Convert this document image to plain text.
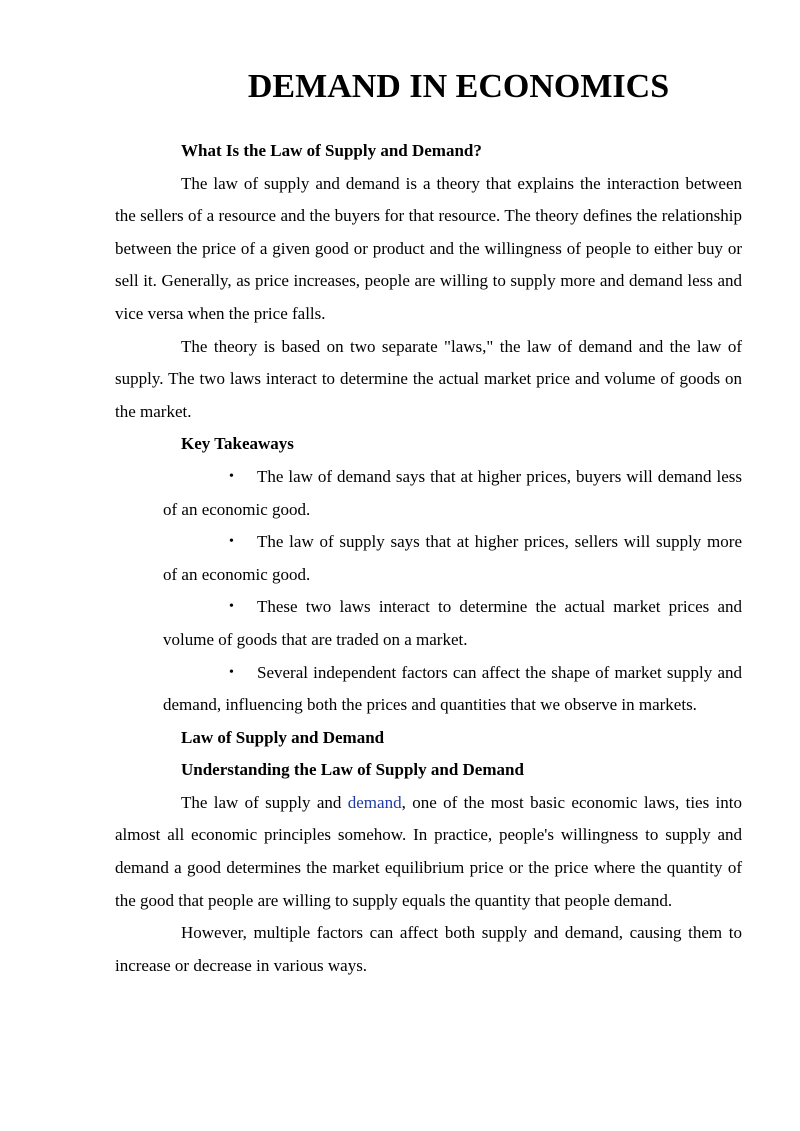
DEMAND IN ECONOMICS
What Is the Law of Supply and Demand?

The law of supply and demand is a theory that explains the interaction between the sellers of a resource and the buyers for that resource. The theory defines the relationship between the price of a given good or product and the willingness of people to either buy or sell it. Generally, as price increases, people are willing to supply more and demand less and vice versa when the price falls.

The theory is based on two separate "laws," the law of demand and the law of supply. The two laws interact to determine the actual market price and volume of goods on the market.

Key Takeaways
• The law of demand says that at higher prices, buyers will demand less of an economic good.
• The law of supply says that at higher prices, sellers will supply more of an economic good.
• These two laws interact to determine the actual market prices and volume of goods that are traded on a market.
• Several independent factors can affect the shape of market supply and demand, influencing both the prices and quantities that we observe in markets.
Law of Supply and Demand
Understanding the Law of Supply and Demand

The law of supply and demand, one of the most basic economic laws, ties into almost all economic principles somehow. In practice, people's willingness to supply and demand a good determines the market equilibrium price or the price where the quantity of the good that people are willing to supply equals the quantity that people demand.

However, multiple factors can affect both supply and demand, causing them to increase or decrease in various ways.
